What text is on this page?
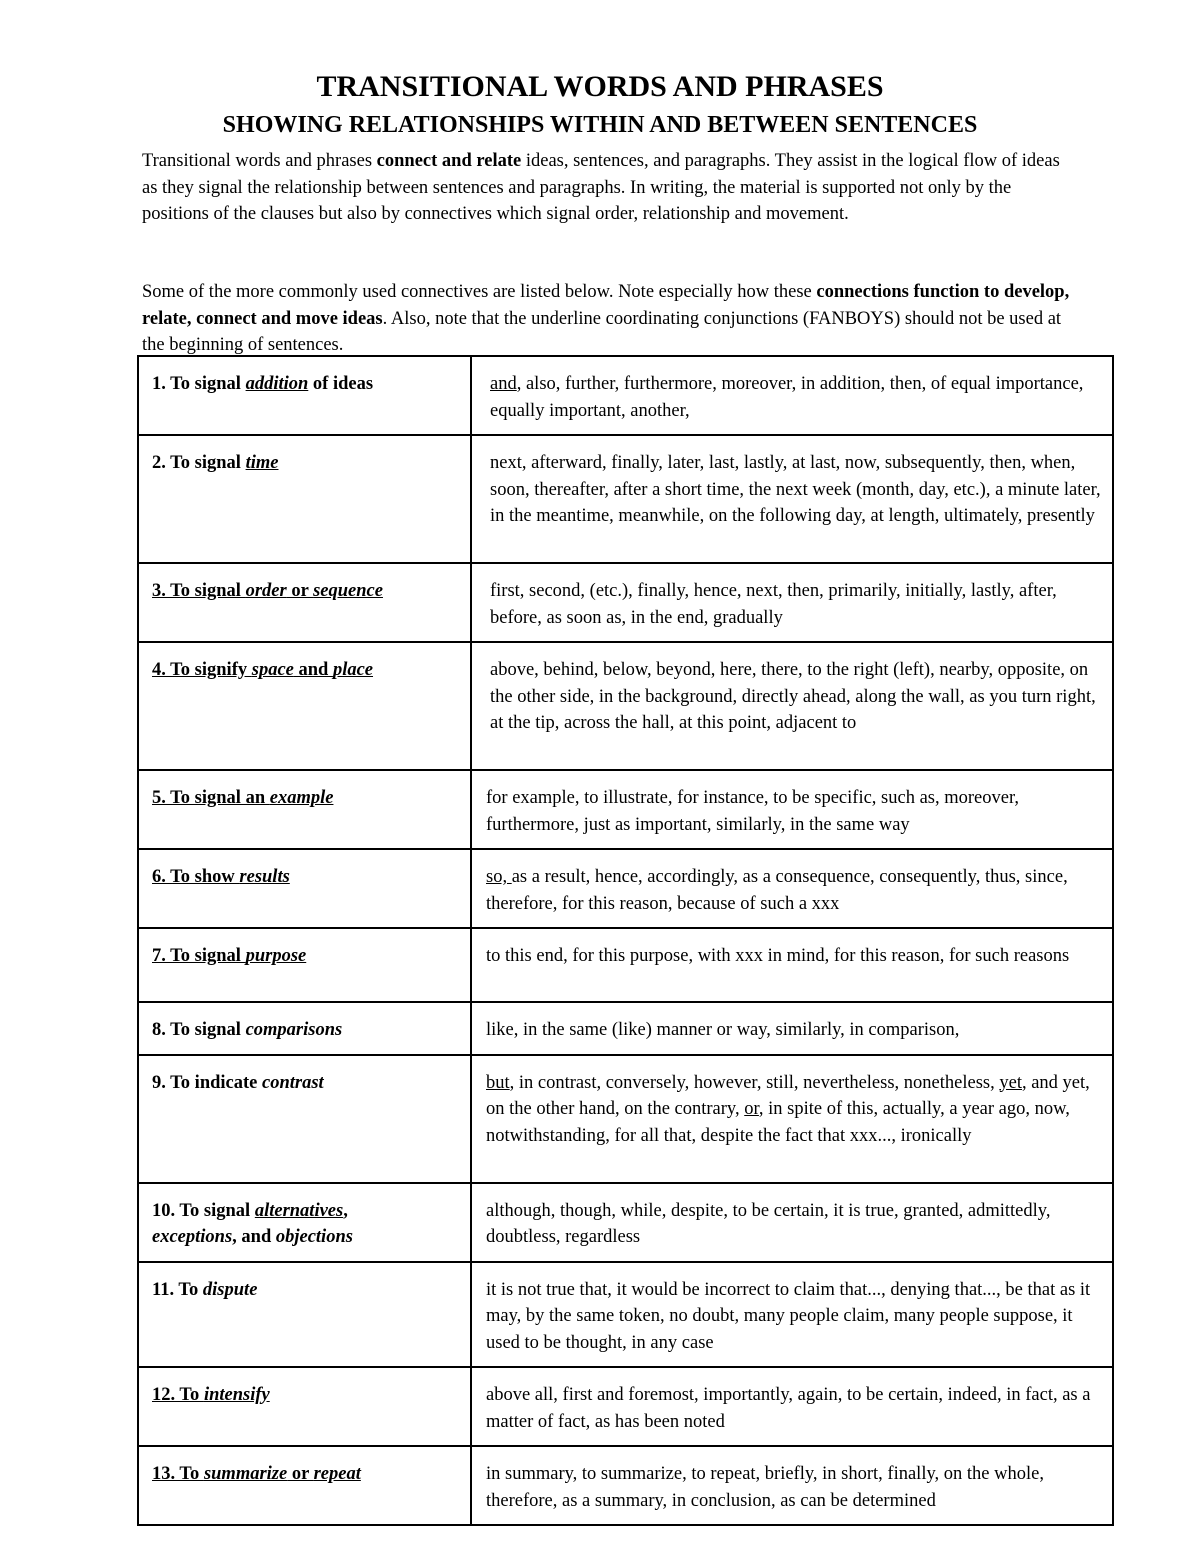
TRANSITIONAL WORDS AND PHRASES
SHOWING RELATIONSHIPS WITHIN AND BETWEEN SENTENCES

Transitional words and phrases connect and relate ideas, sentences, and paragraphs. They assist in the logical flow of ideas as they signal the relationship between sentences and paragraphs. In writing, the material is supported not only by the positions of the clauses but also by connectives which signal order, relationship and movement.

Some of the more commonly used connectives are listed below. Note especially how these connections function to develop, relate, connect and move ideas. Also, note that the underline coordinating conjunctions (FANBOYS) should not be used at the beginning of sentences.

1. To signal addition of ideas	and, also, further, furthermore, moreover, in addition, then, of equal importance, equally important, another,
2. To signal time	next, afterward, finally, later, last, lastly, at last, now, subsequently, then, when, soon, thereafter, after a short time, the next week (month, day, etc.), a minute later, in the meantime, meanwhile, on the following day, at length, ultimately, presently
3. To signal order or sequence	first, second, (etc.), finally, hence, next, then, primarily, initially, lastly, after, before, as soon as, in the end, gradually
4. To signify space and place	above, behind, below, beyond, here, there, to the right (left), nearby, opposite, on the other side, in the background, directly ahead, along the wall, as you turn right, at the tip, across the hall, at this point, adjacent to
5. To signal an example	for example, to illustrate, for instance, to be specific, such as, moreover, furthermore, just as important, similarly, in the same way
6. To show results	so, as a result, hence, accordingly, as a consequence, consequently, thus, since, therefore, for this reason, because of such a xxx
7. To signal purpose	to this end, for this purpose, with xxx in mind, for this reason, for such reasons
8. To signal comparisons	like, in the same (like) manner or way, similarly, in comparison,
9. To indicate contrast	but, in contrast, conversely, however, still, nevertheless, nonetheless, yet, and yet, on the other hand, on the contrary, or, in spite of this, actually, a year ago, now, notwithstanding, for all that, despite the fact that xxx..., ironically
10. To signal alternatives,
exceptions, and objections	although, though, while, despite, to be certain, it is true, granted, admittedly, doubtless, regardless
11. To dispute	it is not true that, it would be incorrect to claim that..., denying that..., be that as it may, by the same token, no doubt, many people claim, many people suppose, it used to be thought, in any case
12. To intensify	above all, first and foremost, importantly, again, to be certain, indeed, in fact, as a matter of fact, as has been noted
13. To summarize or repeat	in summary, to summarize, to repeat, briefly, in short, finally, on the whole, therefore, as a summary, in conclusion, as can be determined
